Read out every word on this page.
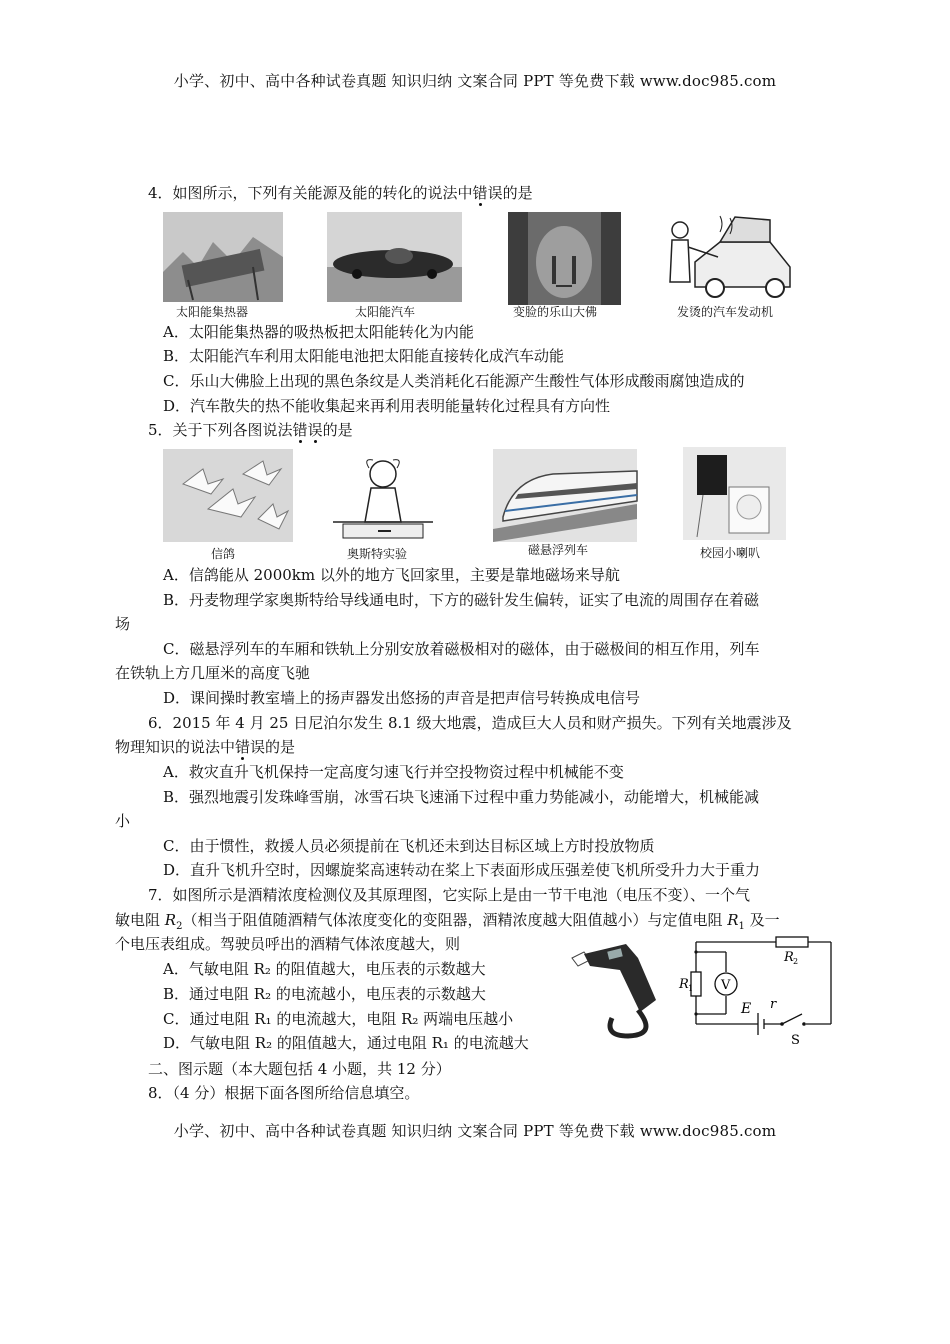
小学、初中、高中各种试卷真题 知识归纳 文案合同 PPT 等免费下载 www.doc985.com
小学、初中、高中各种试卷真题 知识归纳 文案合同 PPT 等免费下载 www.doc985.com
4．如图所示，下列有关能源及能的转化的说法中错误的是
太阳能集热器	太阳能汽车	变脸的乐山大佛	发烫的汽车发动机
A．太阳能集热器的吸热板把太阳能转化为内能
B．太阳能汽车利用太阳能电池把太阳能直接转化成汽车动能
C．乐山大佛脸上出现的黑色条纹是人类消耗化石能源产生酸性气体形成酸雨腐蚀造成的
D．汽车散失的热不能收集起来再利用表明能量转化过程具有方向性
5．关于下列各图说法错误的是
信鸽	奥斯特实验	磁悬浮列车	校园小喇叭
A．信鸽能从 2000km 以外的地方飞回家里，主要是靠地磁场来导航
B．丹麦物理学家奥斯特给导线通电时，下方的磁针发生偏转，证实了电流的周围存在着磁
场
C．磁悬浮列车的车厢和铁轨上分别安放着磁极相对的磁体，由于磁极间的相互作用，列车
在铁轨上方几厘米的高度飞驰
D．课间操时教室墙上的扬声器发出悠扬的声音是把声信号转换成电信号
6．2015 年 4 月 25 日尼泊尔发生 8.1 级大地震，造成巨大人员和财产损失。下列有关地震涉及
物理知识的说法中错误的是
A．救灾直升飞机保持一定高度匀速飞行并空投物资过程中机械能不变
B．强烈地震引发珠峰雪崩，冰雪石块飞速涌下过程中重力势能减小，动能增大，机械能减
小
C．由于惯性，救援人员必须提前在飞机还未到达目标区域上方时投放物质
D．直升飞机升空时，因螺旋桨高速转动在桨上下表面形成压强差使飞机所受升力大于重力
7．如图所示是酒精浓度检测仪及其原理图，它实际上是由一节干电池（电压不变）、一个气
敏电阻 $R_2$（相当于阻值随酒精气体浓度变化的变阻器，酒精浓度越大阻值越小）与定值电阻 $R_1$ 及一
个电压表组成。驾驶员呼出的酒精气体浓度越大，则
A．气敏电阻 R₂ 的阻值越大，电压表的示数越大
B．通过电阻 R₂ 的电流越小，电压表的示数越大
C．通过电阻 R₁ 的电流越大，电阻 R₂ 两端电压越小
D．气敏电阻 R₂ 的阻值越大，通过电阻 R₁ 的电流越大
V
R 1
R 2
E r
S
二、图示题（本大题包括 4 小题，共 12 分）
8．（4 分）根据下面各图所给信息填空。
